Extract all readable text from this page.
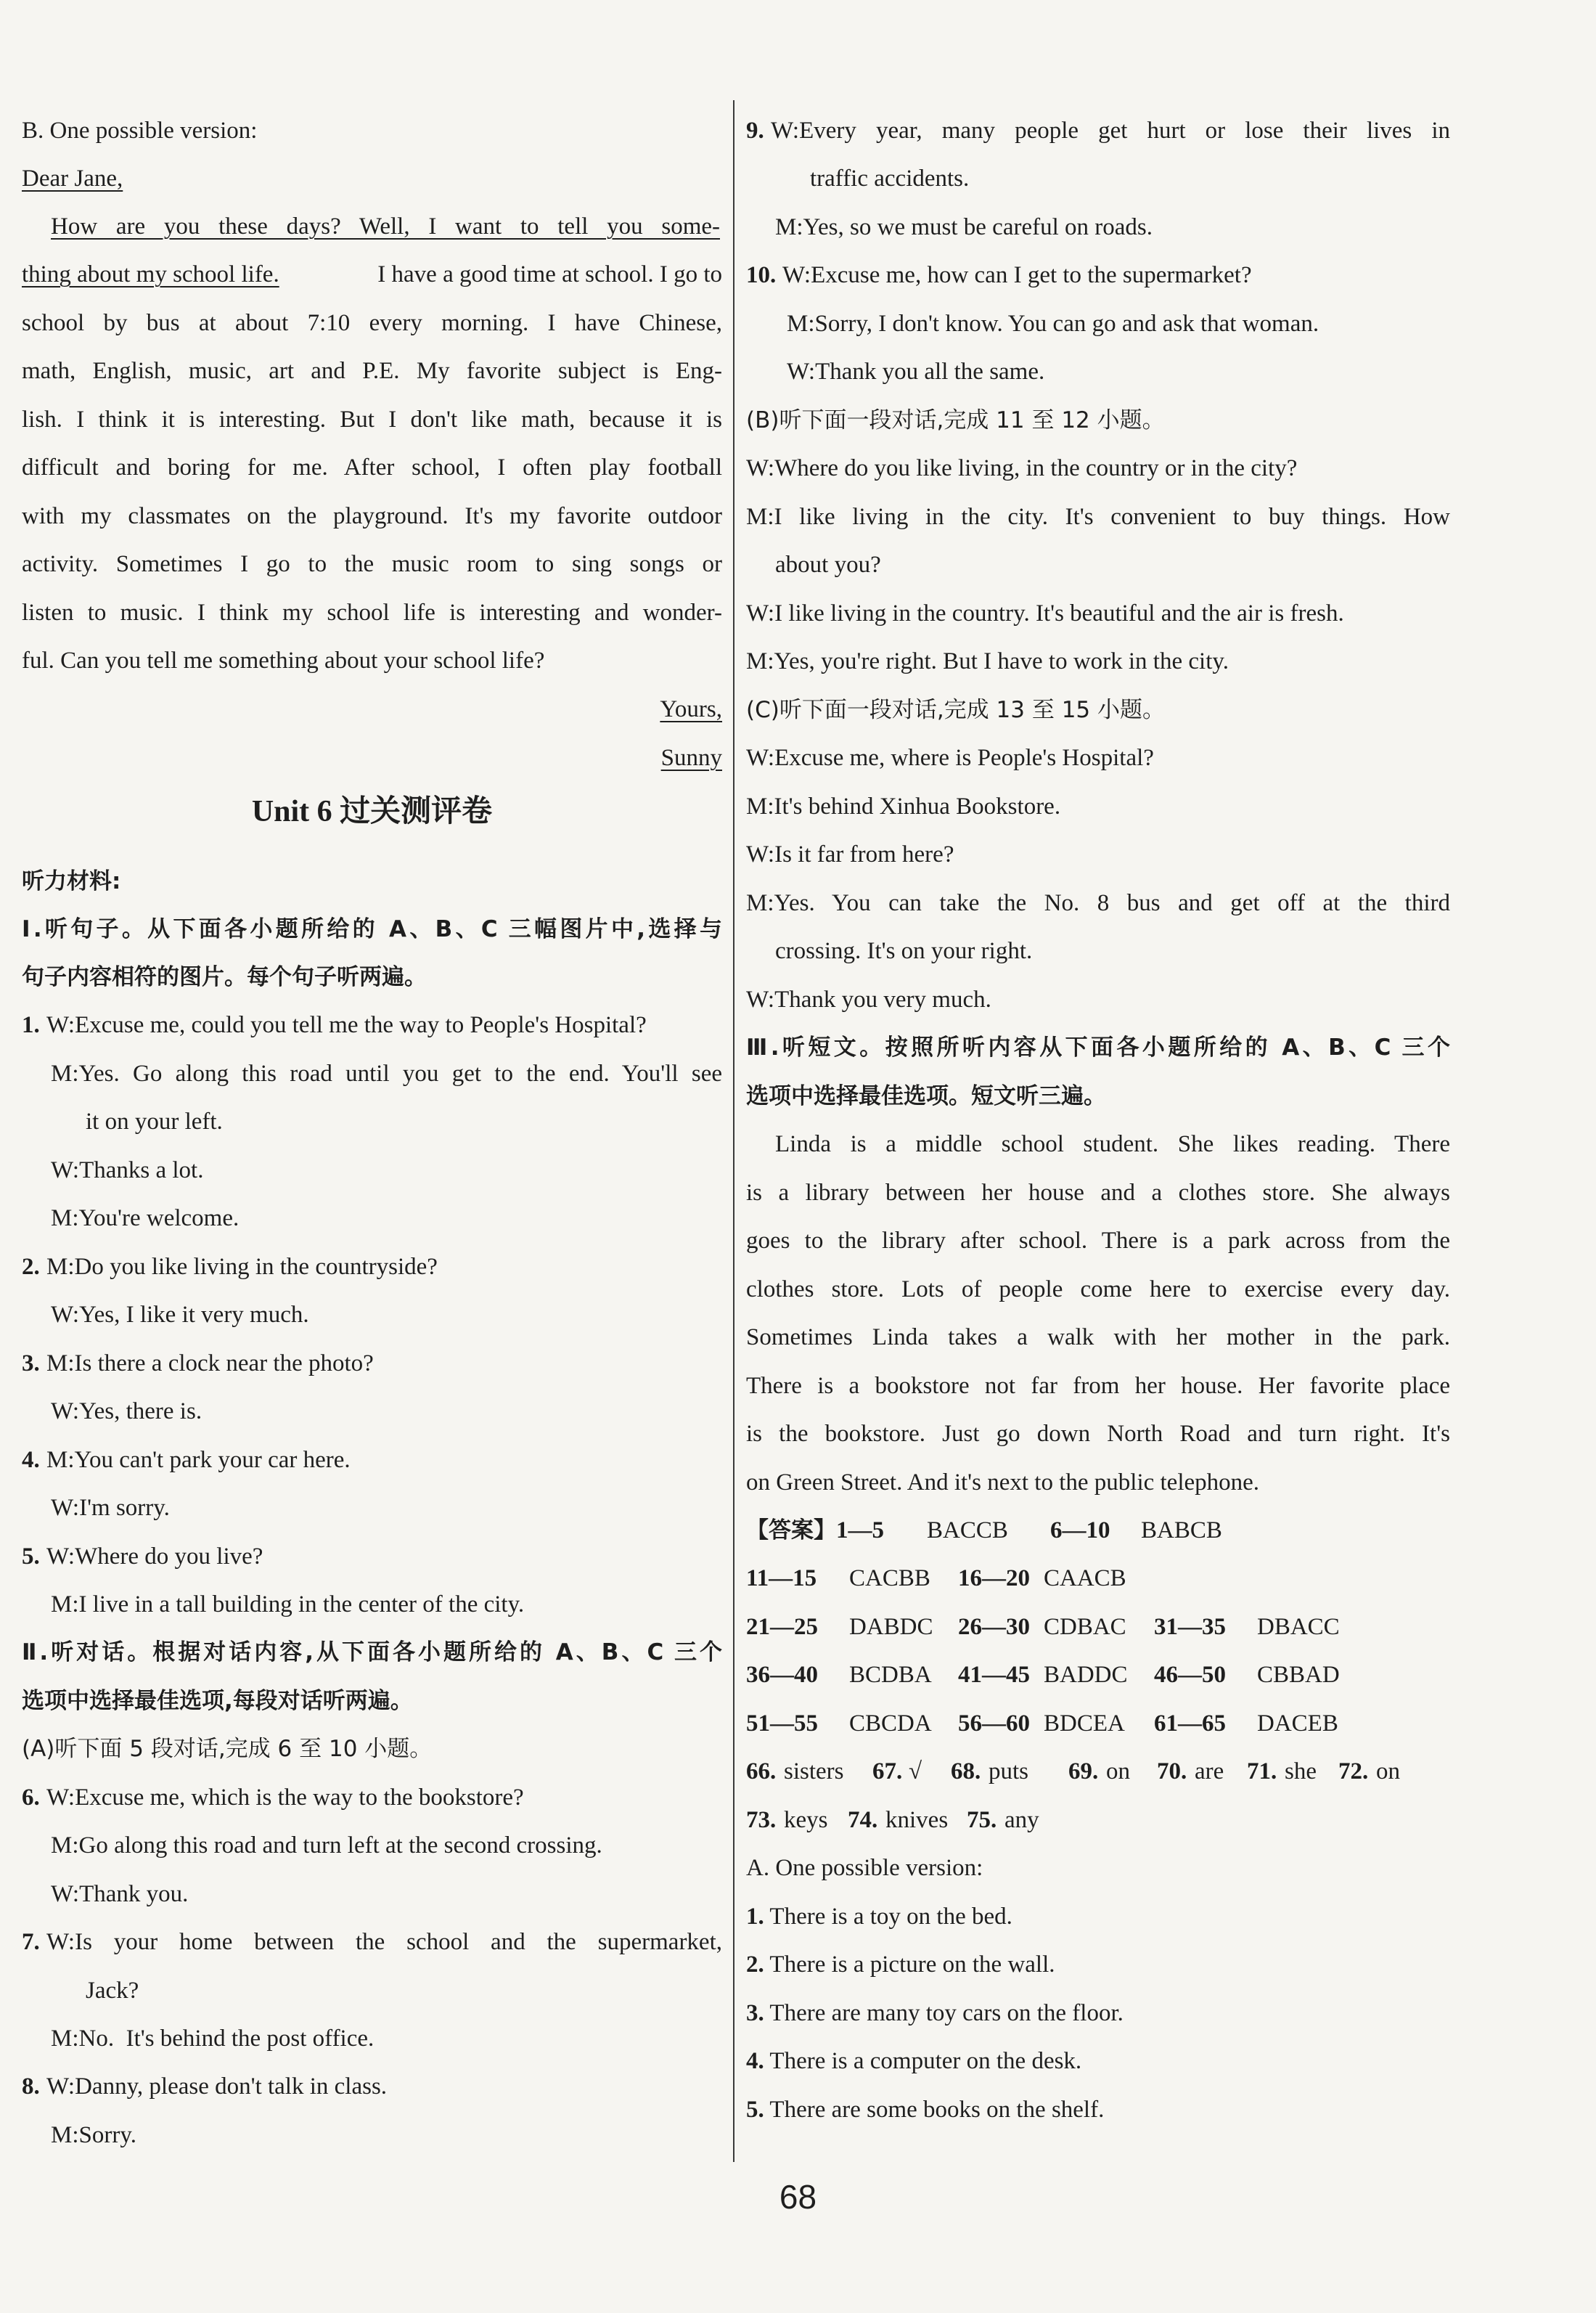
B. One possible version:
Dear Jane,
How are you these days? Well, I want to tell you some-
thing about my school life.	I have a good time at school. I go to
school by bus at about 7:10 every morning. I have Chinese,
math, English, music, art and P.E. My favorite subject is Eng-
lish. I think it is interesting. But I don't like math, because it is
difficult and boring for me. After school, I often play football
with my classmates on the playground. It's my favorite outdoor
activity. Sometimes I go to the music room to sing songs or
listen to music. I think my school life is interesting and wonder-
ful. Can you tell me something about your school life?
Yours,
Sunny
Unit 6 过关测评卷
听力材料:
Ⅰ.听句子。从下面各小题所给的 A、B、C 三幅图片中,选择与
句子内容相符的图片。每个句子听两遍。
1. W:Excuse me, could you tell me the way to People's Hospital?
M:Yes. Go along this road until you get to the end. You'll see
it on your left.
W:Thanks a lot.
M:You're welcome.
2. M:Do you like living in the countryside?
W:Yes, I like it very much.
3. M:Is there a clock near the photo?
W:Yes, there is.
4. M:You can't park your car here.
W:I'm sorry.
5. W:Where do you live?
M:I live in a tall building in the center of the city.
Ⅱ.听对话。根据对话内容,从下面各小题所给的 A、B、C 三个
选项中选择最佳选项,每段对话听两遍。
(A)听下面 5 段对话,完成 6 至 10 小题。
6. W:Excuse me, which is the way to the bookstore?
M:Go along this road and turn left at the second crossing.
W:Thank you.
7. W:Is your home between the school and the supermarket,
Jack?
M:No.  It's behind the post office.
8. W:Danny, please don't talk in class.
M:Sorry.
9. W:Every year, many people get hurt or lose their lives in
traffic accidents.
M:Yes, so we must be careful on roads.
10. W:Excuse me, how can I get to the supermarket?
M:Sorry, I don't know. You can go and ask that woman.
W:Thank you all the same.
(B)听下面一段对话,完成 11 至 12 小题。
W:Where do you like living, in the country or in the city?
M:I like living in the city. It's convenient to buy things. How
about you?
W:I like living in the country. It's beautiful and the air is fresh.
M:Yes, you're right. But I have to work in the city.
(C)听下面一段对话,完成 13 至 15 小题。
W:Excuse me, where is People's Hospital?
M:It's behind Xinhua Bookstore.
W:Is it far from here?
M:Yes. You can take the No. 8 bus and get off at the third
crossing. It's on your right.
W:Thank you very much.
Ⅲ.听短文。按照所听内容从下面各小题所给的 A、B、C 三个
选项中选择最佳选项。短文听三遍。
Linda is a middle school student. She likes reading. There
is a library between her house and a clothes store. She always
goes to the library after school. There is a park across from the
clothes store. Lots of people come here to exercise every day.
Sometimes Linda takes a walk with her mother in the park.
There is a bookstore not far from her house. Her favorite place
is the bookstore. Just go down North Road and turn right. It's
on Green Street. And it's next to the public telephone.
【答案】1—5 BACCB 6—10 BABCB
11—15 CACBB 16—20 CAACB
21—25 DABDC 26—30 CDBAC 31—35 DBACC
36—40 BCDBA 41—45 BADDC 46—50 CBBAD
51—55 CBCDA 56—60 BDCEA 61—65 DACEB
66. sisters 67. √ 68. puts 69. on 70. are 71. she 72. on
73. keys 74. knives 75. any
A. One possible version:
1. There is a toy on the bed.
2. There is a picture on the wall.
3. There are many toy cars on the floor.
4. There is a computer on the desk.
5. There are some books on the shelf.
68
